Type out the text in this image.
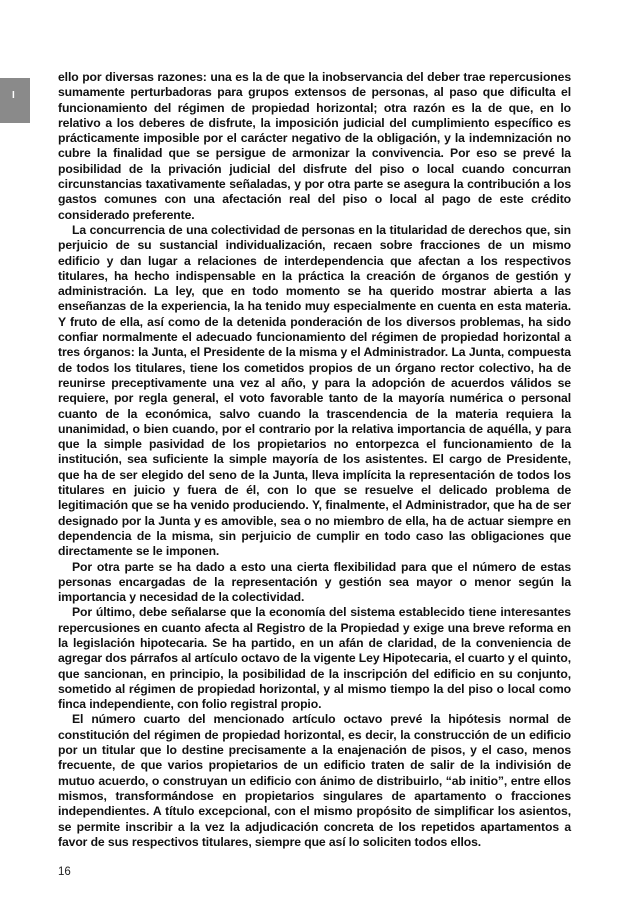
I

ello por diversas razones: una es la de que la inobservancia del deber trae repercusiones sumamente perturbadoras para grupos extensos de personas, al paso que dificulta el funcionamiento del régimen de propiedad horizontal; otra razón es la de que, en lo relativo a los deberes de disfrute, la imposición judicial del cumplimiento específico es prácticamente imposible por el carácter negativo de la obligación, y la indemnización no cubre la finalidad que se persigue de armonizar la convivencia. Por eso se prevé la posibilidad de la privación judicial del disfrute del piso o local cuando concurran circunstancias taxativamente señaladas, y por otra parte se asegura la contribución a los gastos comunes con una afectación real del piso o local al pago de este crédito considerado preferente.

La concurrencia de una colectividad de personas en la titularidad de derechos que, sin perjuicio de su sustancial individualización, recaen sobre fracciones de un mismo edificio y dan lugar a relaciones de interdependencia que afectan a los respectivos titulares, ha hecho indispensable en la práctica la creación de órganos de gestión y administración. La ley, que en todo momento se ha querido mostrar abierta a las enseñanzas de la experiencia, la ha tenido muy especialmente en cuenta en esta materia. Y fruto de ella, así como de la detenida ponderación de los diversos problemas, ha sido confiar normalmente el adecuado funcionamiento del régimen de propiedad horizontal a tres órganos: la Junta, el Presidente de la misma y el Administrador. La Junta, compuesta de todos los titulares, tiene los cometidos propios de un órgano rector colectivo, ha de reunirse preceptivamente una vez al año, y para la adopción de acuerdos válidos se requiere, por regla general, el voto favorable tanto de la mayoría numérica o personal cuanto de la económica, salvo cuando la trascendencia de la materia requiera la unanimidad, o bien cuando, por el contrario por la relativa importancia de aquélla, y para que la simple pasividad de los propietarios no entorpezca el funcionamiento de la institución, sea suficiente la simple mayoría de los asistentes. El cargo de Presidente, que ha de ser elegido del seno de la Junta, lleva implícita la representación de todos los titulares en juicio y fuera de él, con lo que se resuelve el delicado problema de legitimación que se ha venido produciendo. Y, finalmente, el Administrador, que ha de ser designado por la Junta y es amovible, sea o no miembro de ella, ha de actuar siempre en dependencia de la misma, sin perjuicio de cumplir en todo caso las obligaciones que directamente se le imponen.

Por otra parte se ha dado a esto una cierta flexibilidad para que el número de estas personas encargadas de la representación y gestión sea mayor o menor según la importancia y necesidad de la colectividad.

Por último, debe señalarse que la economía del sistema establecido tiene interesantes repercusiones en cuanto afecta al Registro de la Propiedad y exige una breve reforma en la legislación hipotecaria. Se ha partido, en un afán de claridad, de la conveniencia de agregar dos párrafos al artículo octavo de la vigente Ley Hipotecaria, el cuarto y el quinto, que sancionan, en principio, la posibilidad de la inscripción del edificio en su conjunto, sometido al régimen de propiedad horizontal, y al mismo tiempo la del piso o local como finca independiente, con folio registral propio.

El número cuarto del mencionado artículo octavo prevé la hipótesis normal de constitución del régimen de propiedad horizontal, es decir, la construcción de un edificio por un titular que lo destine precisamente a la enajenación de pisos, y el caso, menos frecuente, de que varios propietarios de un edificio traten de salir de la indivisión de mutuo acuerdo, o construyan un edificio con ánimo de distribuirlo, “ab initio”, entre ellos mismos, transformándose en propietarios singulares de apartamento o fracciones independientes. A título excepcional, con el mismo propósito de simplificar los asientos, se permite inscribir a la vez la adjudicación concreta de los repetidos apartamentos a favor de sus respectivos titulares, siempre que así lo soliciten todos ellos.

16
